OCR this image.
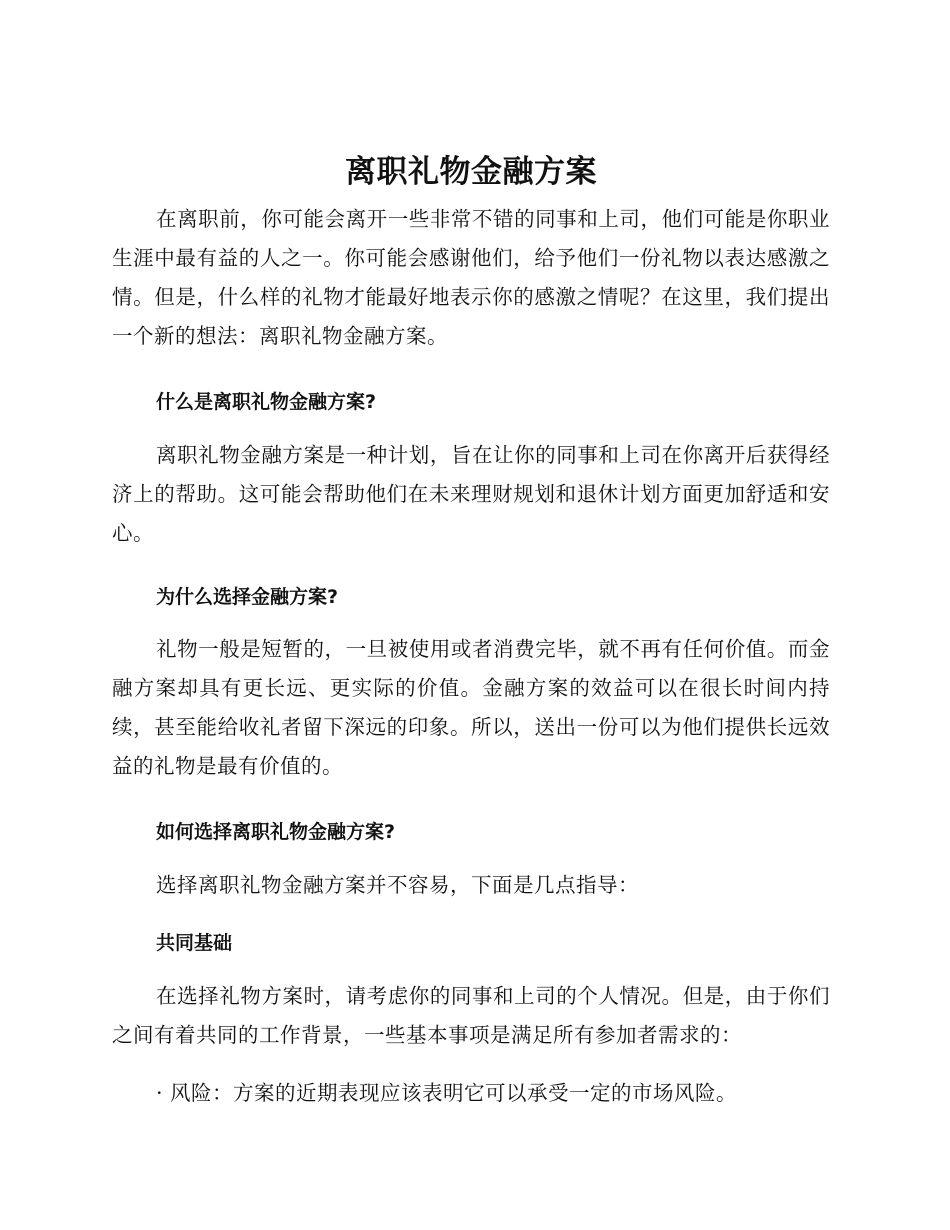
离职礼物金融方案

在离职前，你可能会离开一些非常不错的同事和上司，他们可能是你职业生涯中最有益的人之一。你可能会感谢他们，给予他们一份礼物以表达感激之情。但是，什么样的礼物才能最好地表示你的感激之情呢？在这里，我们提出一个新的想法：离职礼物金融方案。

什么是离职礼物金融方案?

离职礼物金融方案是一种计划，旨在让你的同事和上司在你离开后获得经济上的帮助。这可能会帮助他们在未来理财规划和退休计划方面更加舒适和安心。

为什么选择金融方案?

礼物一般是短暂的，一旦被使用或者消费完毕，就不再有任何价值。而金融方案却具有更长远、更实际的价值。金融方案的效益可以在很长时间内持续，甚至能给收礼者留下深远的印象。所以，送出一份可以为他们提供长远效益的礼物是最有价值的。

如何选择离职礼物金融方案?

选择离职礼物金融方案并不容易，下面是几点指导：

共同基础

在选择礼物方案时，请考虑你的同事和上司的个人情况。但是，由于你们之间有着共同的工作背景，一些基本事项是满足所有参加者需求的：

· 风险：方案的近期表现应该表明它可以承受一定的市场风险。
